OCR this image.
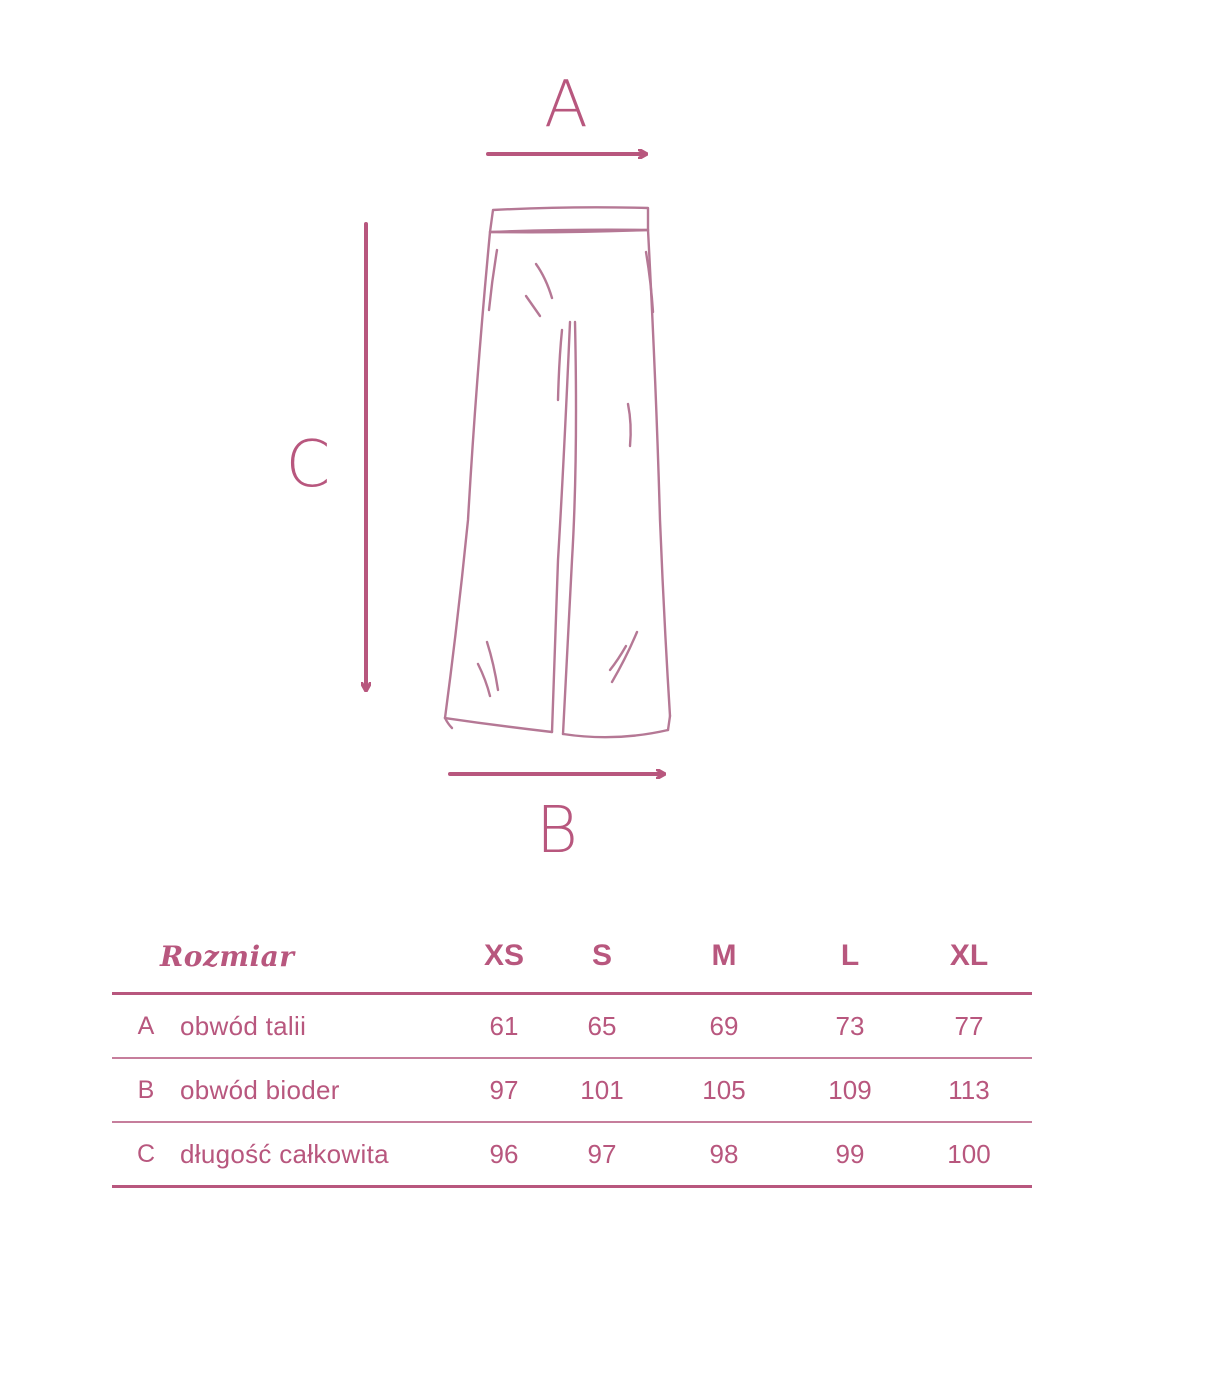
A
C
B
Rozmiar		XS	S	M	L	XL
A	obwód talii	61	65	69	73	77
B	obwód bioder	97	101	105	109	113
C	długość całkowita	96	97	98	99	100
